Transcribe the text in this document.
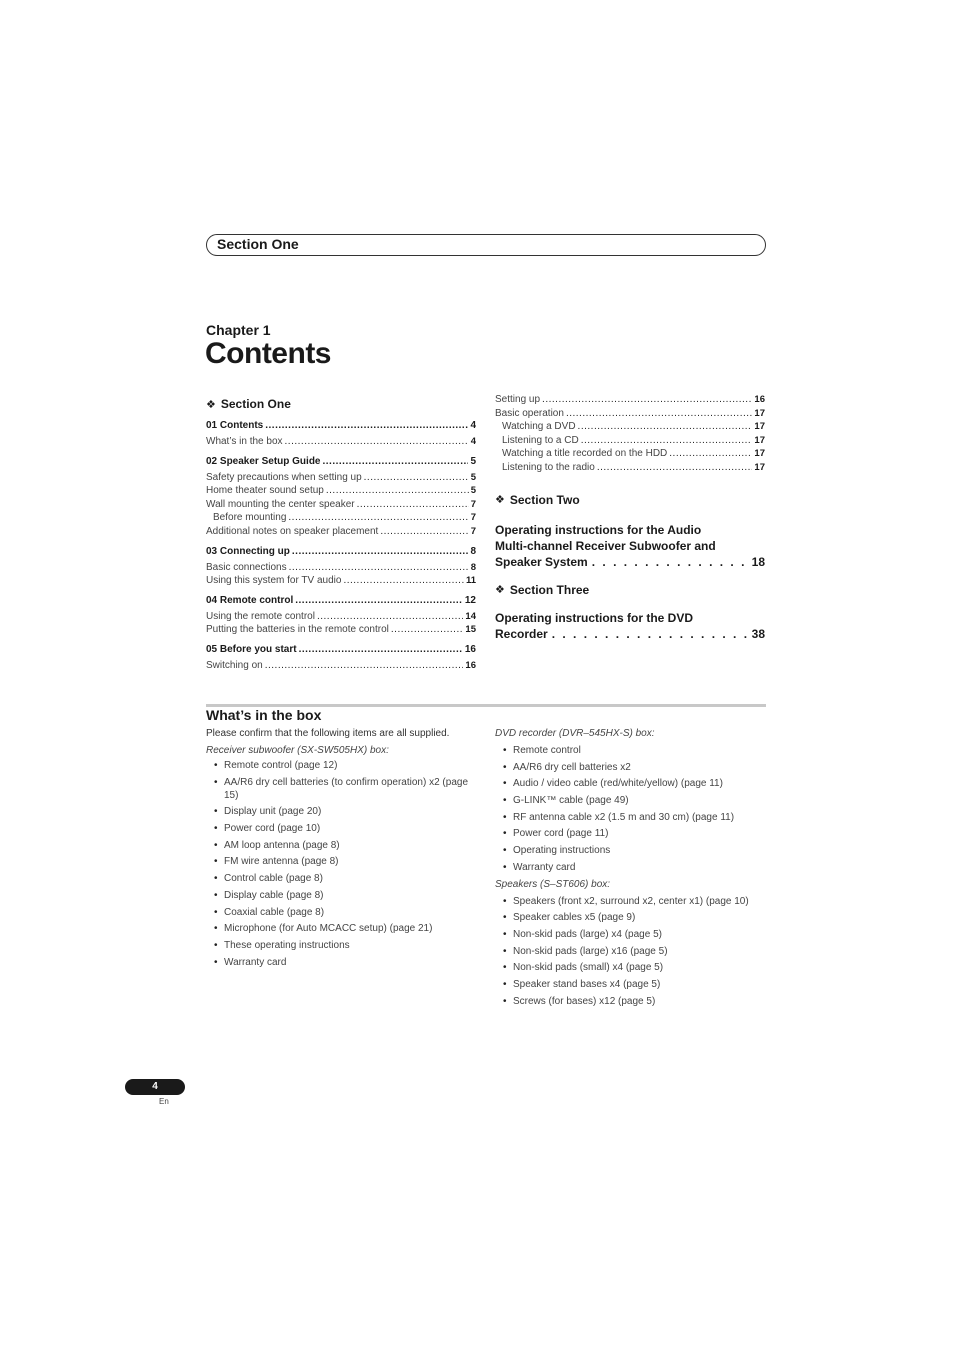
Section One
Chapter 1
Contents
❖ Section One
01 Contents .....	4
What’s in the box .....	4
02 Speaker Setup Guide .....	5
Safety precautions when setting up .....	5
Home theater sound setup .....	5
Wall mounting the center speaker .....	7
Before mounting .....	7
Additional notes on speaker placement .....	7
03 Connecting up .....	8
Basic connections .....	8
Using this system for TV audio .....	11
04 Remote control .....	12
Using the remote control .....	14
Putting the batteries in the remote control .....	15
05 Before you start .....	16
Switching on .....	16
Setting up .....	16
Basic operation .....	17
Watching a DVD .....	17
Listening to a CD .....	17
Watching a title recorded on the HDD .....	17
Listening to the radio .....	17
❖ Section Two
Operating instructions for the Audio
Multi-channel Receiver Subwoofer and
Speaker System . . .	18
❖ Section Three
Operating instructions for the DVD
Recorder . . .	38
What’s in the box
Please confirm that the following items are all supplied.
Receiver subwoofer (SX-SW505HX) box:
• Remote control (page 12)
• AA/R6 dry cell batteries (to confirm operation) x2 (page 15)
• Display unit (page 20)
• Power cord (page 10)
• AM loop antenna (page 8)
• FM wire antenna (page 8)
• Control cable (page 8)
• Display cable (page 8)
• Coaxial cable (page 8)
• Microphone (for Auto MCACC setup) (page 21)
• These operating instructions
• Warranty card
DVD recorder (DVR–545HX-S) box:
• Remote control
• AA/R6 dry cell batteries x2
• Audio / video cable (red/white/yellow) (page 11)
• G-LINK™ cable (page 49)
• RF antenna cable x2 (1.5 m and 30 cm) (page 11)
• Power cord (page 11)
• Operating instructions
• Warranty card
Speakers (S–ST606) box:
• Speakers (front x2, surround x2, center x1) (page 10)
• Speaker cables x5 (page 9)
• Non-skid pads (large) x4 (page 5)
• Non-skid pads (large) x16 (page 5)
• Non-skid pads (small) x4 (page 5)
• Speaker stand bases x4 (page 5)
• Screws (for bases) x12 (page 5)
4
En
